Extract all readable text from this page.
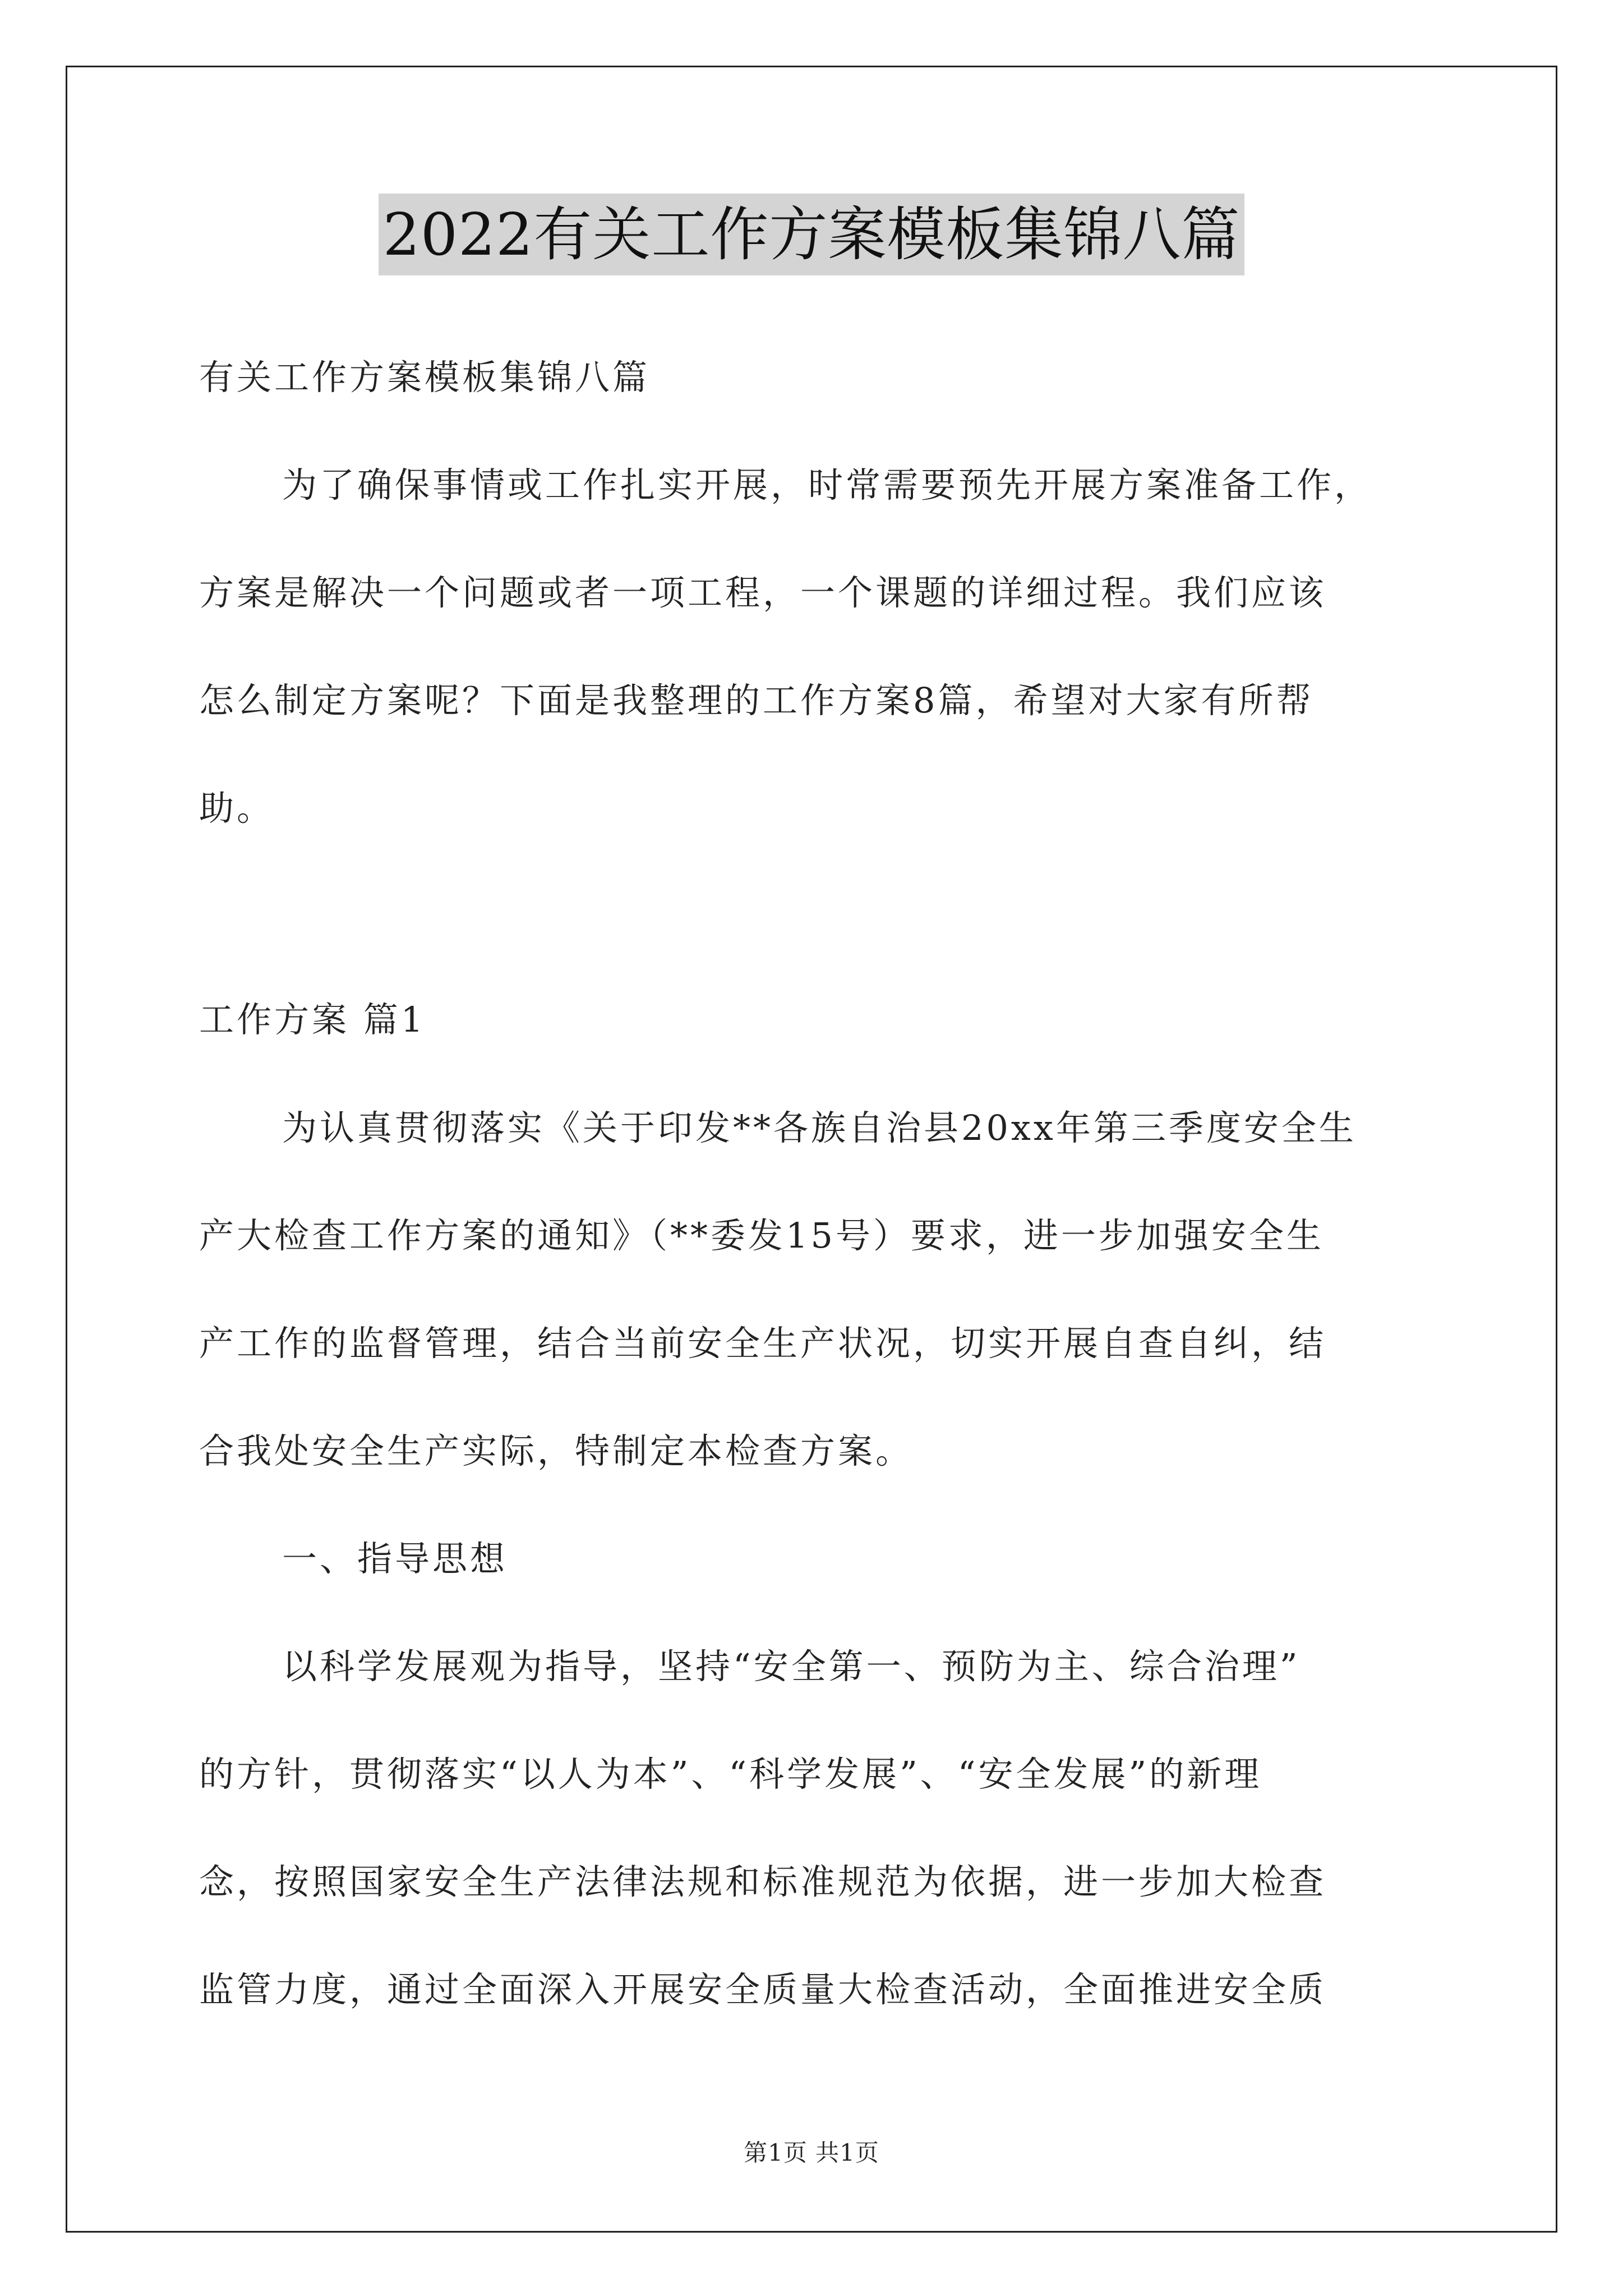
2022有关工作方案模板集锦八篇
有关工作方案模板集锦八篇
为了确保事情或工作扎实开展，时常需要预先开展方案准备工作，
方案是解决一个问题或者一项工程，一个课题的详细过程。我们应该
怎么制定方案呢？下面是我整理的工作方案8篇，希望对大家有所帮
助。
工作方案 篇1
为认真贯彻落实《关于印发**各族自治县20xx年第三季度安全生
产大检查工作方案的通知》（**委发15号）要求，进一步加强安全生
产工作的监督管理，结合当前安全生产状况，切实开展自查自纠，结
合我处安全生产实际，特制定本检查方案。
一、指导思想
以科学发展观为指导，坚持“安全第一、预防为主、综合治理”
的方针，贯彻落实“以人为本”、“科学发展”、“安全发展”的新理
念，按照国家安全生产法律法规和标准规范为依据，进一步加大检查
监管力度，通过全面深入开展安全质量大检查活动，全面推进安全质
第1页 共1页
